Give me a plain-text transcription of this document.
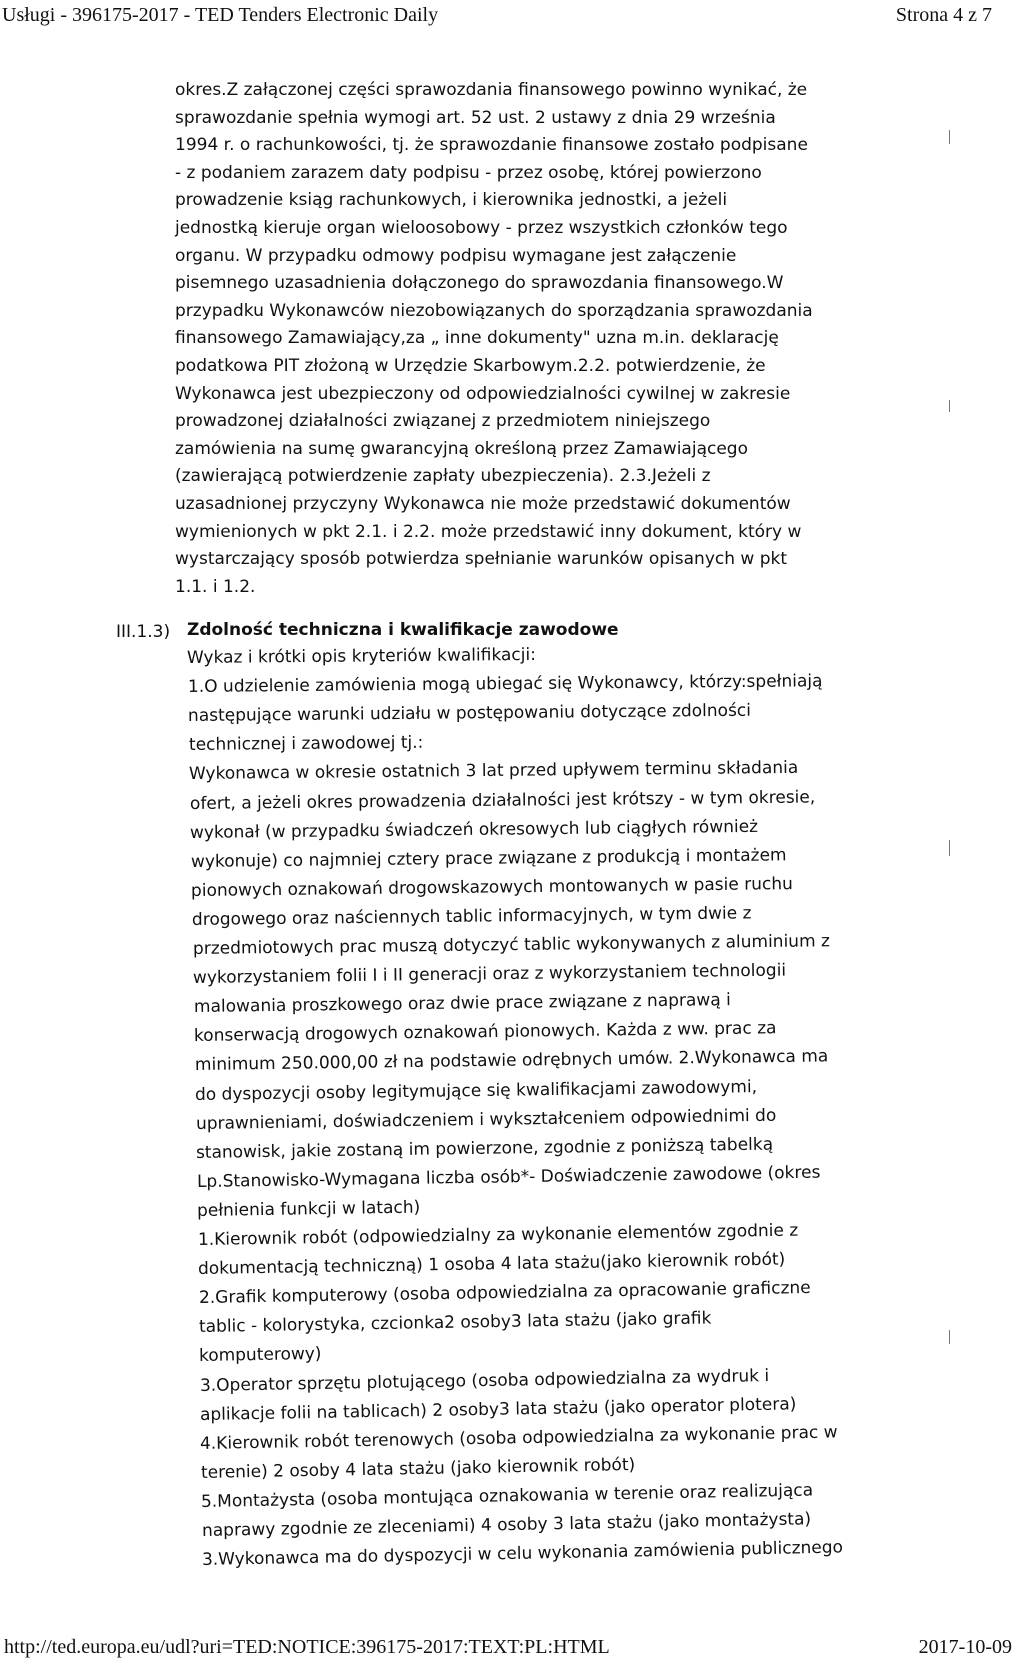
Usługi - 396175-2017 - TED Tenders Electronic Daily	Strona 4 z 7
okres.Z załączonej części sprawozdania finansowego powinno wynikać, że
sprawozdanie spełnia wymogi art. 52 ust. 2 ustawy z dnia 29 września
1994 r. o rachunkowości, tj. że sprawozdanie finansowe zostało podpisane
- z podaniem zarazem daty podpisu - przez osobę, której powierzono
prowadzenie ksiąg rachunkowych, i kierownika jednostki, a jeżeli
jednostką kieruje organ wieloosobowy - przez wszystkich członków tego
organu. W przypadku odmowy podpisu wymagane jest załączenie
pisemnego uzasadnienia dołączonego do sprawozdania finansowego.W
przypadku Wykonawców niezobowiązanych do sporządzania sprawozdania
finansowego Zamawiający,za „ inne dokumenty" uzna m.in. deklarację
podatkowa PIT złożoną w Urzędzie Skarbowym.2.2. potwierdzenie, że
Wykonawca jest ubezpieczony od odpowiedzialności cywilnej w zakresie
prowadzonej działalności związanej z przedmiotem niniejszego
zamówienia na sumę gwarancyjną określoną przez Zamawiającego
(zawierającą potwierdzenie zapłaty ubezpieczenia). 2.3.Jeżeli z
uzasadnionej przyczyny Wykonawca nie może przedstawić dokumentów
wymienionych w pkt 2.1. i 2.2. może przedstawić inny dokument, który w
wystarczający sposób potwierdza spełnianie warunków opisanych w pkt
1.1. i 1.2.
Zdolność techniczna i kwalifikacje zawodowe
Wykaz i krótki opis kryteriów kwalifikacji:
1.O udzielenie zamówienia mogą ubiegać się Wykonawcy, którzy:spełniają
następujące warunki udziału w postępowaniu dotyczące zdolności
technicznej i zawodowej tj.:
Wykonawca w okresie ostatnich 3 lat przed upływem terminu składania
ofert, a jeżeli okres prowadzenia działalności jest krótszy - w tym okresie,
wykonał (w przypadku świadczeń okresowych lub ciągłych również
wykonuje) co najmniej cztery prace związane z produkcją i montażem
pionowych oznakowań drogowskazowych montowanych w pasie ruchu
drogowego oraz naściennych tablic informacyjnych, w tym dwie z
przedmiotowych prac muszą dotyczyć tablic wykonywanych z aluminium z
wykorzystaniem folii I i II generacji oraz z wykorzystaniem technologii
malowania proszkowego oraz dwie prace związane z naprawą i
konserwacją drogowych oznakowań pionowych. Każda z ww. prac za
minimum 250.000,00 zł na podstawie odrębnych umów. 2.Wykonawca ma
do dyspozycji osoby legitymujące się kwalifikacjami zawodowymi,
uprawnieniami, doświadczeniem i wykształceniem odpowiednimi do
stanowisk, jakie zostaną im powierzone, zgodnie z poniższą tabelką
Lp.Stanowisko-Wymagana liczba osób*- Doświadczenie zawodowe (okres
pełnienia funkcji w latach)
1.Kierownik robót (odpowiedzialny za wykonanie elementów zgodnie z
dokumentacją techniczną) 1 osoba 4 lata stażu(jako kierownik robót)
2.Grafik komputerowy (osoba odpowiedzialna za opracowanie graficzne
tablic - kolorystyka, czcionka2 osoby3 lata stażu (jako grafik
komputerowy)
3.Operator sprzętu plotującego (osoba odpowiedzialna za wydruk i
aplikacje folii na tablicach) 2 osoby3 lata stażu (jako operator plotera)
4.Kierownik robót terenowych (osoba odpowiedzialna za wykonanie prac w
terenie) 2 osoby 4 lata stażu (jako kierownik robót)
5.Montażysta (osoba montująca oznakowania w terenie oraz realizująca
naprawy zgodnie ze zleceniami) 4 osoby 3 lata stażu (jako montażysta)
3.Wykonawca ma do dyspozycji w celu wykonania zamówienia publicznego
III.1.3)
http://ted.europa.eu/udl?uri=TED:NOTICE:396175-2017:TEXT:PL:HTML	2017-10-09
